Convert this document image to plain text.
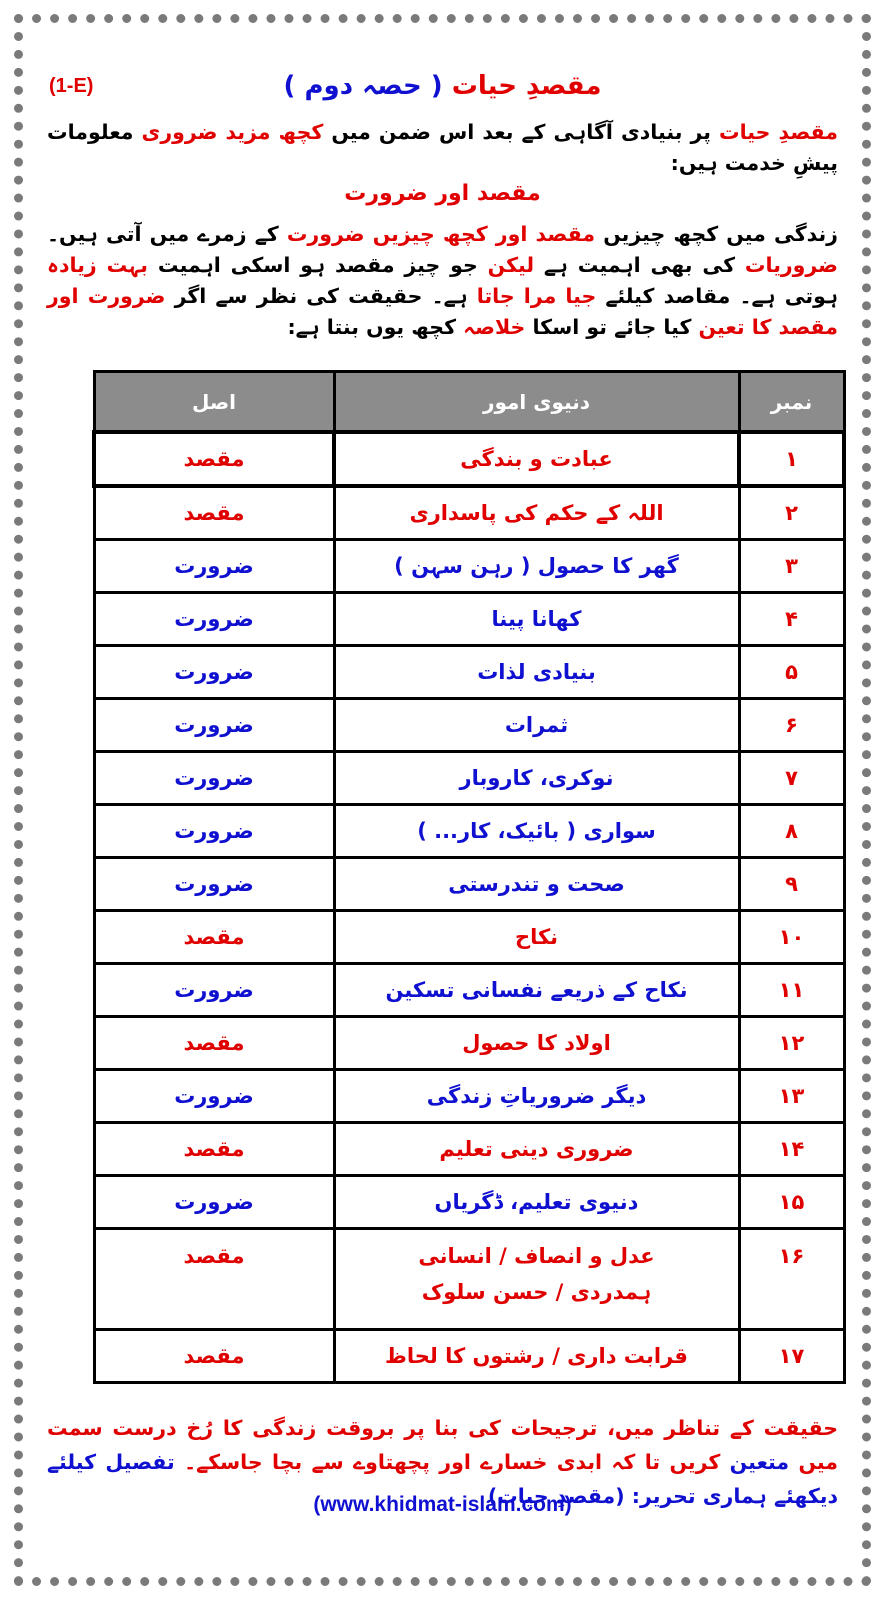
(1-E)	مقصدِ حیات ( حصہ دوم )
مقصدِ حیات پر بنیادی آگاہی کے بعد اس ضمن میں کچھ مزید ضروری معلومات پیشِ خدمت ہیں:
مقصد اور ضرورت
زندگی میں کچھ چیزیں مقصد اور کچھ چیزیں ضرورت کے زمرے میں آتی ہیں۔ضروریات کی بھی اہمیت ہے لیکن جو چیز مقصد ہو اسکی اہمیت بہت زیادہ ہوتی ہے۔ مقاصد کیلئے جیا مرا جاتا ہے۔ حقیقت کی نظر سے اگر ضرورت اور مقصد کا تعین کیا جائے تو اسکا خلاصہ کچھ یوں بنتا ہے:
نمبر	دنیوی امور	اصل
۱	عبادت و بندگی	مقصد
۲	اللہ کے حکم کی پاسداری	مقصد
۳	گھر کا حصول ( رہن سہن )	ضرورت
۴	کھانا پینا	ضرورت
۵	بنیادی لذات	ضرورت
۶	ثمرات	ضرورت
۷	نوکری، کاروبار	ضرورت
۸	سواری ( بائیک، کار... )	ضرورت
۹	صحت و تندرستی	ضرورت
۱۰	نکاح	مقصد
۱۱	نکاح کے ذریعے نفسانی تسکین	ضرورت
۱۲	اولاد کا حصول	مقصد
۱۳	دیگر ضروریاتِ زندگی	ضرورت
۱۴	ضروری دینی تعلیم	مقصد
۱۵	دنیوی تعلیم، ڈگریاں	ضرورت
۱۶	عدل و انصاف / انسانی
ہمدردی / حسن سلوک	مقصد
۱۷	قرابت داری / رشتوں کا لحاظ	مقصد
حقیقت کے تناظر میں، ترجیحات کی بنا پر بروقت زندگی کا رُخ درست سمت میں متعین کریں تا کہ ابدی خسارے اور پچھتاوے سے بچا جاسکے۔ تفصیل کیلئے دیکھئے ہماری تحریر: (مقصدِ حیات)
(www.khidmat-islam.com)
